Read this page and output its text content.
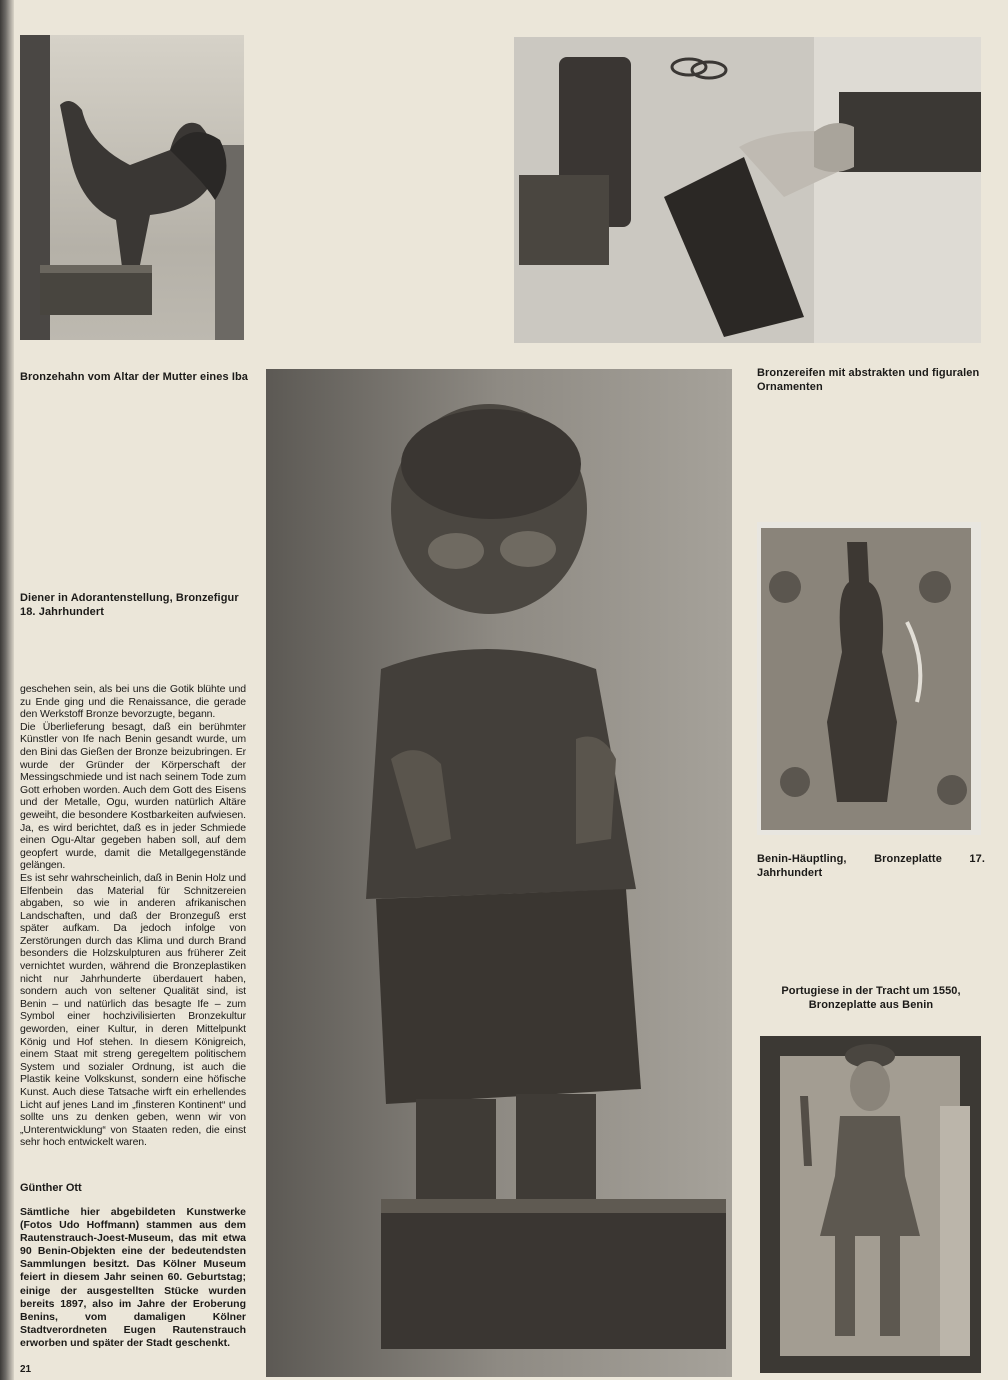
Bronzehahn vom Altar der Mutter eines Iba	Bronzereifen mit abstrakten und figuralen Ornamenten
Diener in Adorantenstellung, Bronzefigur 18. Jahrhundert
Benin-Häuptling, Bronzeplatte 17. Jahrhundert
Portugiese in der Tracht um 1550, Bronzeplatte aus Benin

geschehen sein, als bei uns die Gotik blühte und zu Ende ging und die Renaissance, die gerade den Werkstoff Bronze bevorzugte, begann.

Die Überlieferung besagt, daß ein berühmter Künstler von Ife nach Benin gesandt wurde, um den Bini das Gießen der Bronze beizubringen. Er wurde der Gründer der Körperschaft der Messingschmiede und ist nach seinem Tode zum Gott erhoben worden. Auch dem Gott des Eisens und der Metalle, Ogu, wurden natürlich Altäre geweiht, die besondere Kostbarkeiten aufwiesen. Ja, es wird berichtet, daß es in jeder Schmiede einen Ogu-Altar gegeben haben soll, auf dem geopfert wurde, damit die Metallgegenstände gelängen.

Es ist sehr wahrscheinlich, daß in Benin Holz und Elfenbein das Material für Schnitzereien abgaben, so wie in anderen afrikanischen Landschaften, und daß der Bronzeguß erst später aufkam. Da jedoch infolge von Zerstörungen durch das Klima und durch Brand besonders die Holzskulpturen aus früherer Zeit vernichtet wurden, während die Bronzeplastiken nicht nur Jahrhunderte überdauert haben, sondern auch von seltener Qualität sind, ist Benin – und natürlich das besagte Ife – zum Symbol einer hochzivilisierten Bronzekultur geworden, einer Kultur, in deren Mittelpunkt König und Hof stehen. In diesem Königreich, einem Staat mit streng geregeltem politischem System und sozialer Ordnung, ist auch die Plastik keine Volkskunst, sondern eine höfische Kunst. Auch diese Tatsache wirft ein erhellendes Licht auf jenes Land im „finsteren Kontinent“ und sollte uns zu denken geben, wenn wir von „Unterentwicklung“ von Staaten reden, die einst sehr hoch entwickelt waren.

Günther Ott
Sämtliche hier abgebildeten Kunstwerke (Fotos Udo Hoffmann) stammen aus dem Rautenstrauch-Joest-Museum, das mit etwa 90 Benin-Objekten eine der bedeutendsten Sammlungen besitzt. Das Kölner Museum feiert in diesem Jahr seinen 60. Geburtstag; einige der ausgestellten Stücke wurden bereits 1897, also im Jahre der Eroberung Benins, vom damaligen Kölner Stadtverordneten Eugen Rautenstrauch erworben und später der Stadt geschenkt.
21
